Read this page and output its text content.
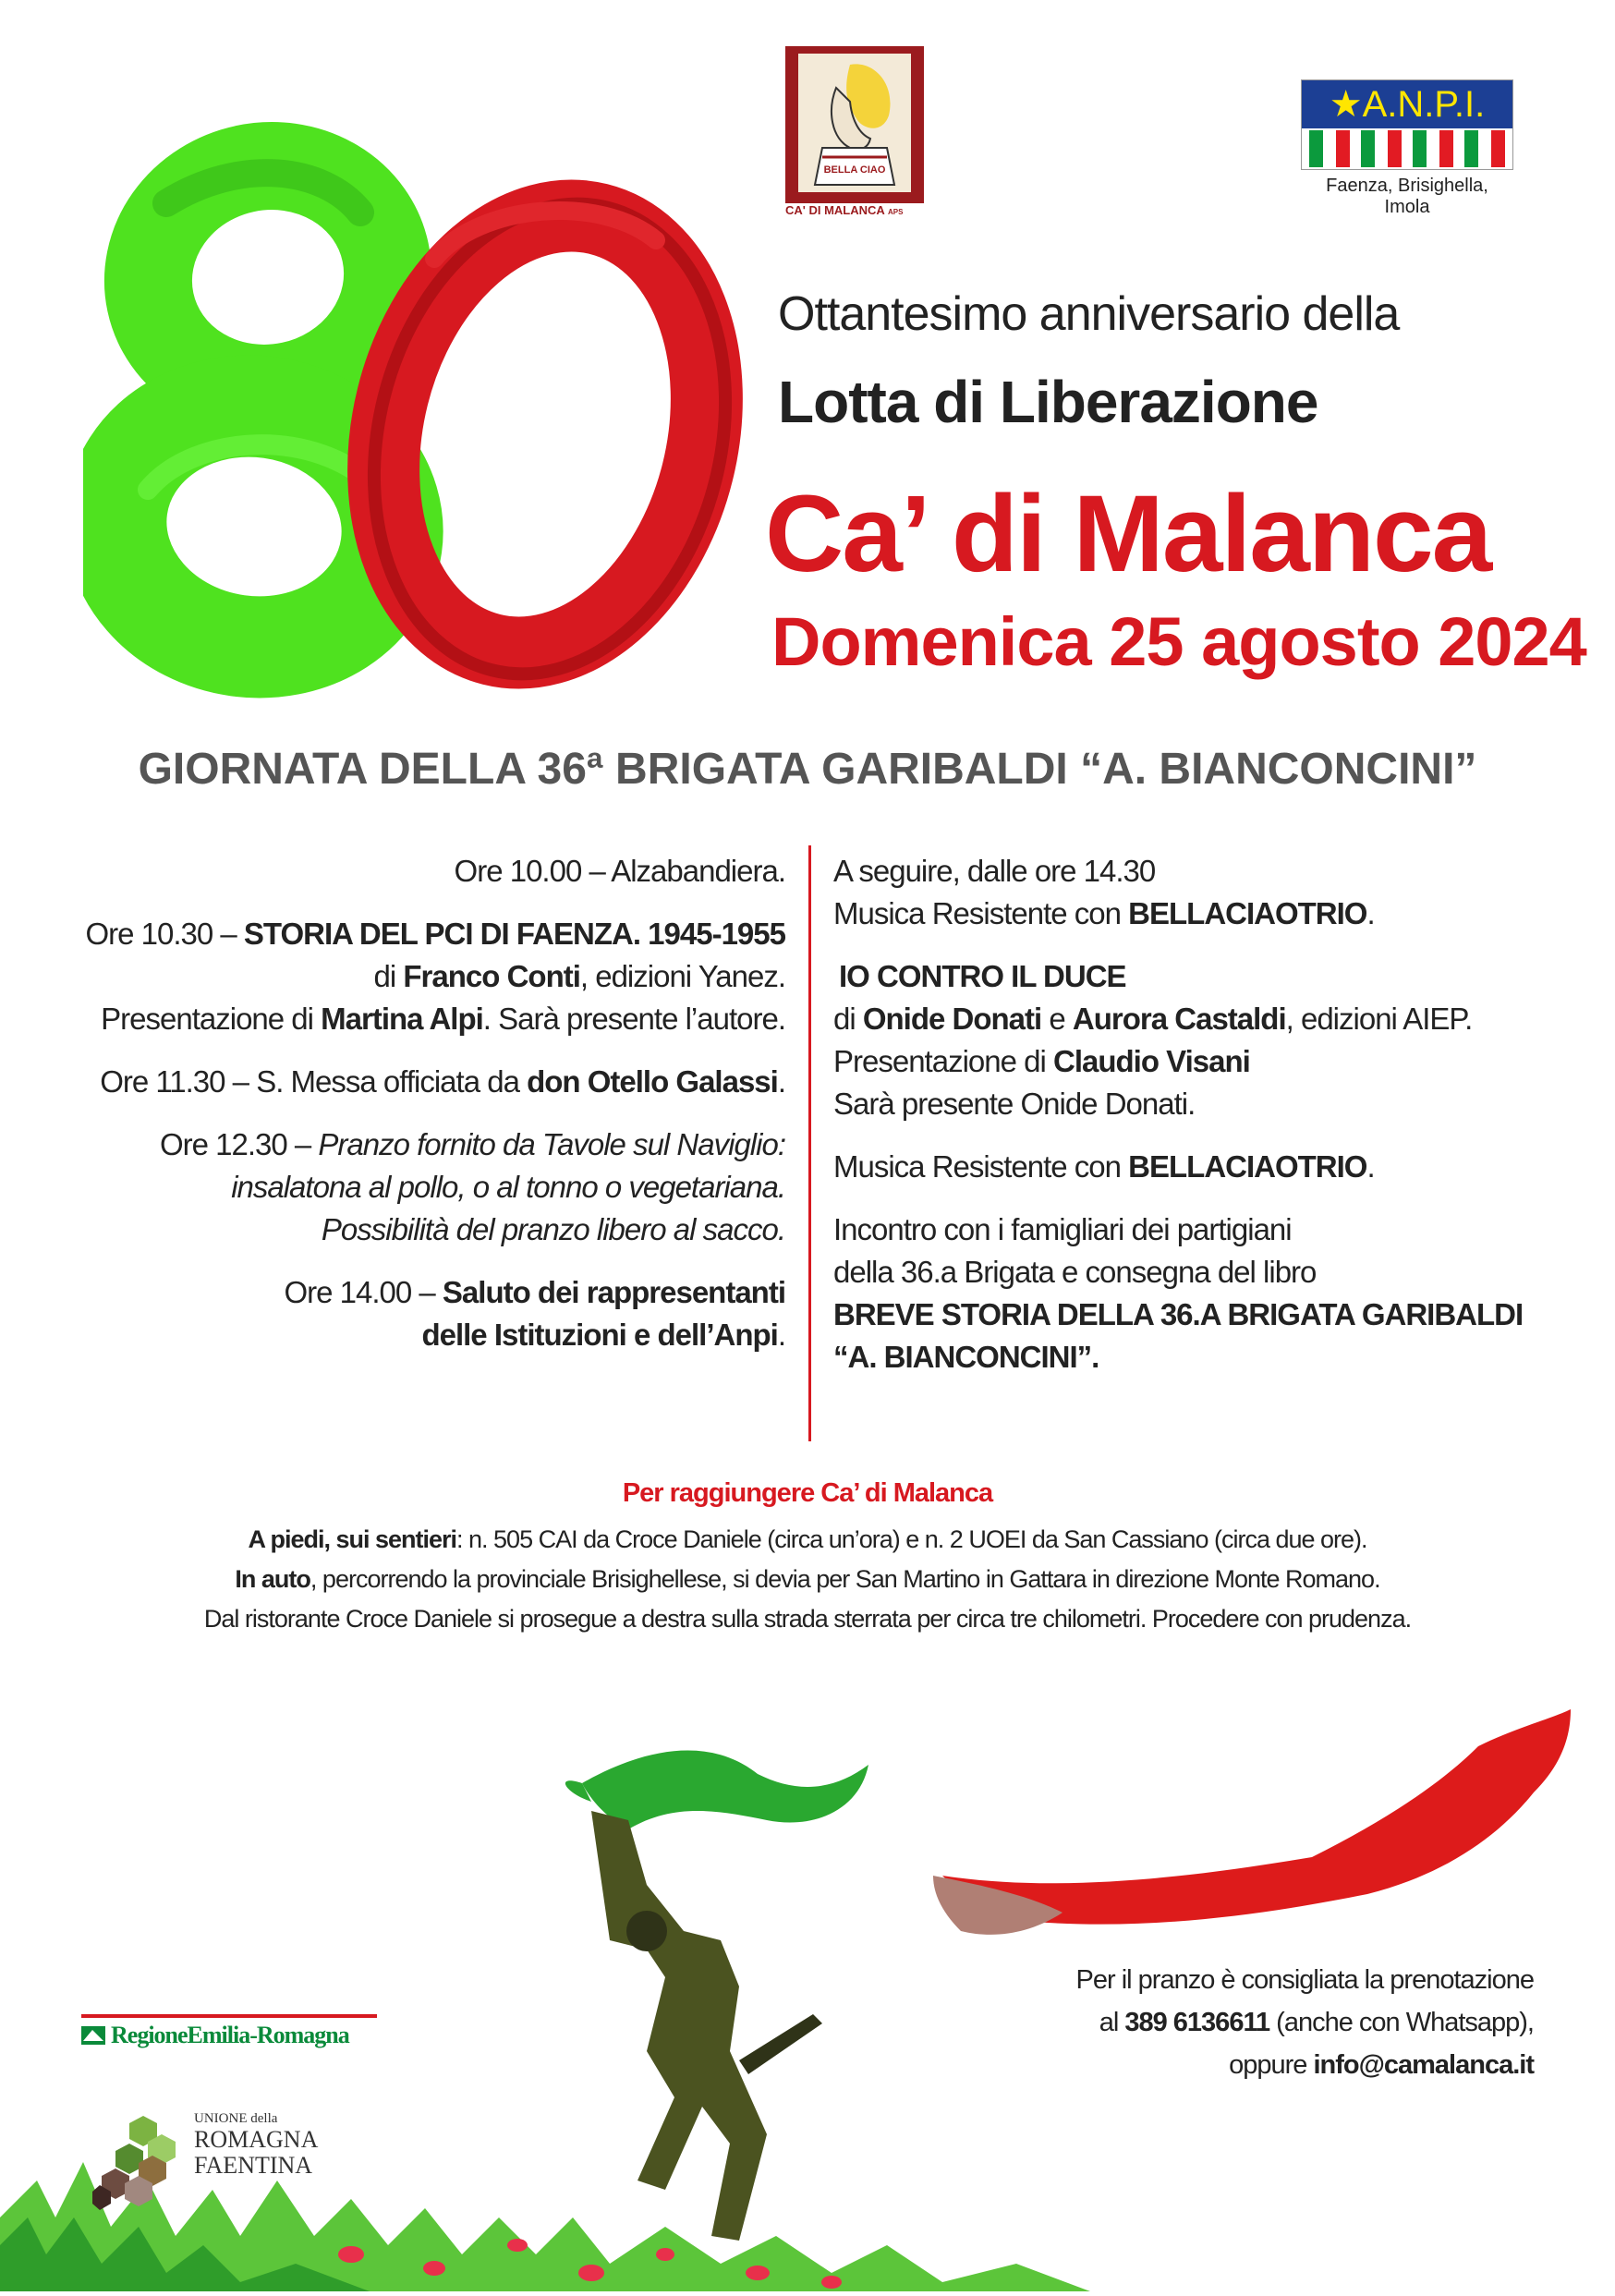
BELLA CIAO
CA' DI MALANCA APS
★A.N.P.I.
Faenza, Brisighella, Imola
Ottantesimo anniversario della
Lotta di Liberazione
Ca’ di Malanca
Domenica 25 agosto 2024
GIORNATA DELLA 36ª BRIGATA GARIBALDI “A. BIANCONCINI”
Ore 10.00 – Alzabandiera.
Ore 10.30 – STORIA DEL PCI DI FAENZA. 1945-1955
di Franco Conti, edizioni Yanez.
Presentazione di Martina Alpi. Sarà presente l’autore.
Ore 11.30 – S. Messa officiata da don Otello Galassi.
Ore 12.30 – Pranzo fornito da Tavole sul Naviglio:
insalatona al pollo, o al tonno o vegetariana.
Possibilità del pranzo libero al sacco.
Ore 14.00 – Saluto dei rappresentanti
delle Istituzioni e dell’Anpi.
A seguire, dalle ore 14.30
Musica Resistente con BELLACIAOTRIO.
IO CONTRO IL DUCE
di Onide Donati e Aurora Castaldi, edizioni AIEP.
Presentazione di Claudio Visani
Sarà presente Onide Donati.
Musica Resistente con BELLACIAOTRIO.
Incontro con i famigliari dei partigiani
della 36.a Brigata e consegna del libro
BREVE STORIA DELLA 36.A BRIGATA GARIBALDI
“A. BIANCONCINI”.
Per raggiungere Ca’ di Malanca
A piedi, sui sentieri: n. 505 CAI da Croce Daniele (circa un’ora) e n. 2 UOEI da San Cassiano (circa due ore).
In auto, percorrendo la provinciale Brisighellese, si devia per San Martino in Gattara in direzione Monte Romano.
Dal ristorante Croce Daniele si prosegue a destra sulla strada sterrata per circa tre chilometri. Procedere con prudenza.
Per il pranzo è consigliata la prenotazione
al 389 6136611 (anche con Whatsapp),
oppure info@camalanca.it
RegioneEmilia-Romagna
UNIONE della
ROMAGNA
FAENTINA
